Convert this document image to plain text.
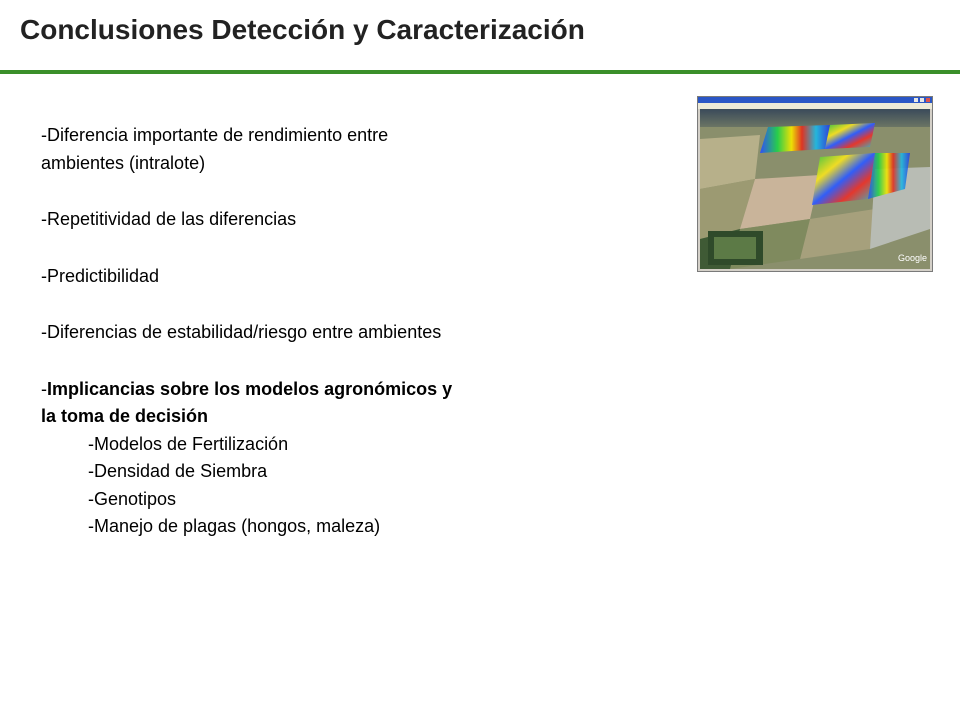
Conclusiones Detección y Caracterización

-Diferencia importante de rendimiento entre

ambientes (intralote)

-Repetitividad de las diferencias

-Predictibilidad

-Diferencias de estabilidad/riesgo entre ambientes

-Implicancias sobre los modelos agronómicos y

la toma de decisión

-Modelos de Fertilización

-Densidad de Siembra

-Genotipos

-Manejo de plagas (hongos, maleza)

Google
